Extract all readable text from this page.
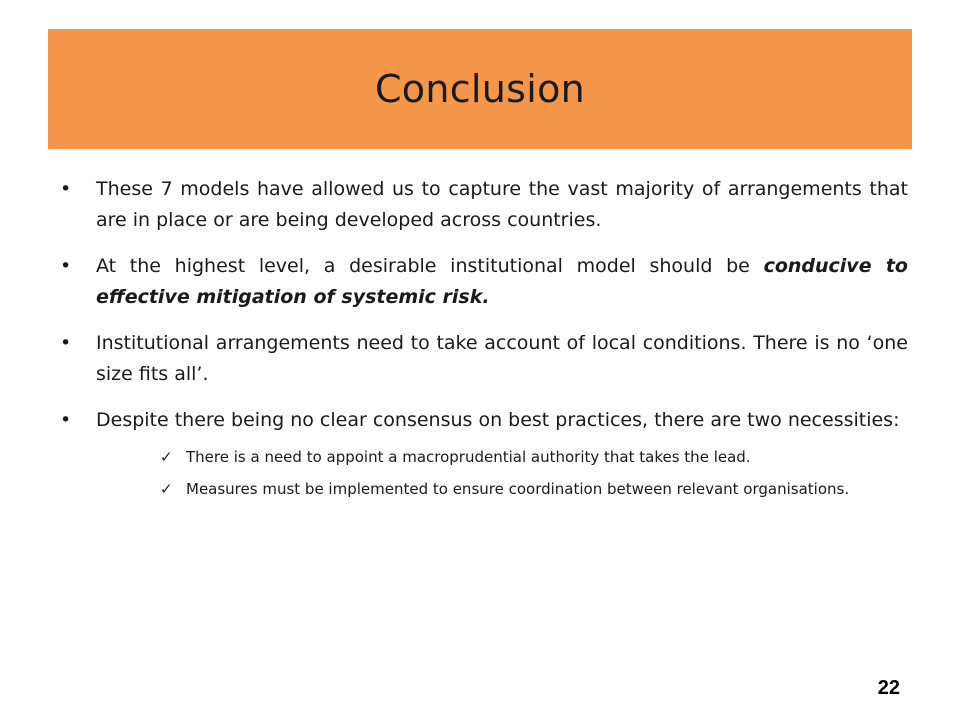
Conclusion

• These 7 models have allowed us to capture the vast majority of arrangements that are in place or are being developed across countries.

• At the highest level, a desirable institutional model should be conducive to effective mitigation of systemic risk.

• Institutional arrangements need to take account of local conditions. There is no ‘one size fits all’.

• Despite there being no clear consensus on best practices, there are two necessities:

✓ There is a need to appoint a macroprudential authority that takes the lead.

✓ Measures must be implemented to ensure coordination between relevant organisations.

22
